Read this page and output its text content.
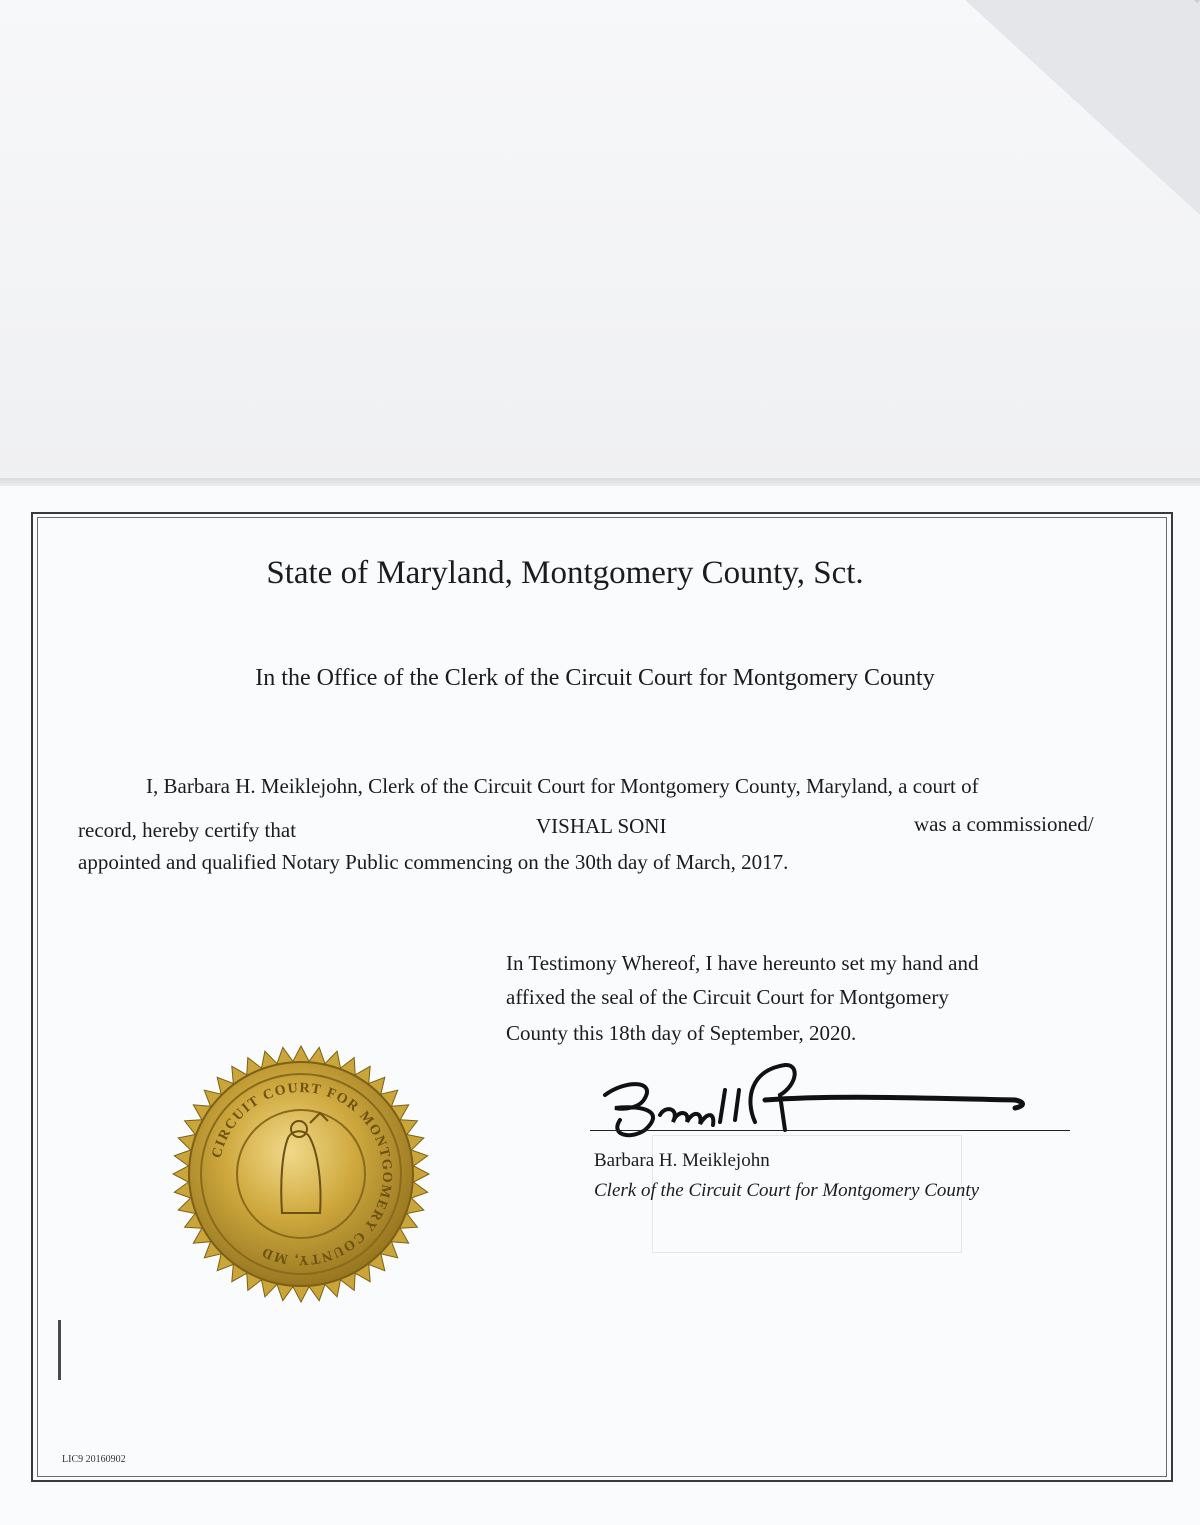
State of Maryland, Montgomery County, Sct.
In the Office of the Clerk of the Circuit Court for Montgomery County
I, Barbara H. Meiklejohn, Clerk of the Circuit Court for Montgomery County, Maryland, a court of
record, hereby certify that	VISHAL SONI	was a commissioned/
appointed and qualified Notary Public commencing on the 30th day of March, 2017.
In Testimony Whereof, I have hereunto set my hand and
affixed the seal of the Circuit Court for Montgomery
County this 18th day of September, 2020.
Barbara H. Meiklejohn
Clerk of the Circuit Court for Montgomery County
CIRCUIT COURT FOR MONTGOMERY COUNTY, MD
LIC9 20160902
